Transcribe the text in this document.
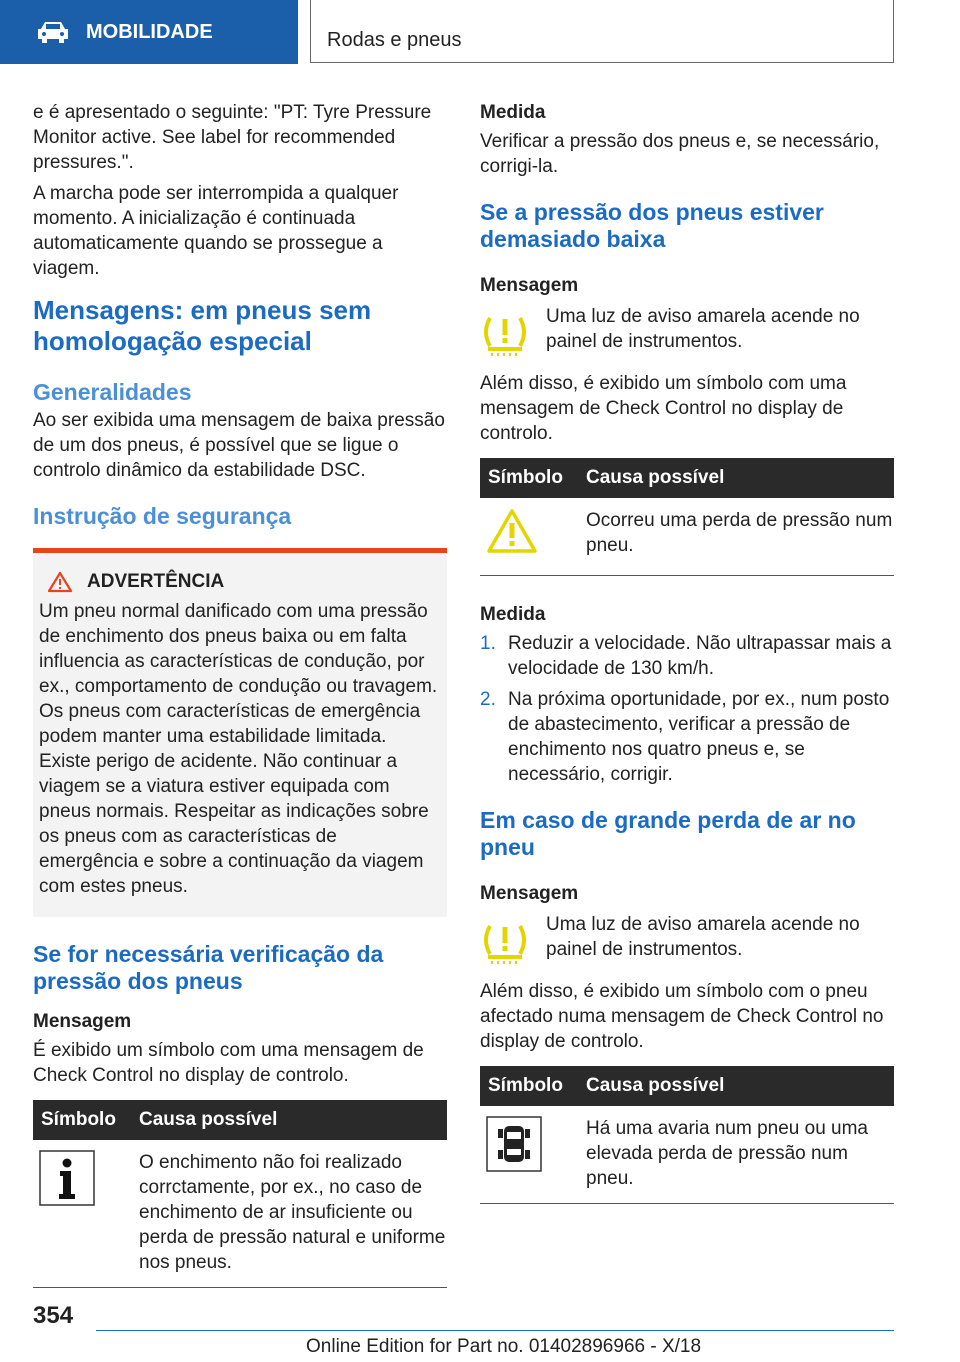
MOBILIDADE	Rodas e pneus

e é apresentado o seguinte: "PT: Tyre Pressure Monitor active. See label for recommended pressures.".

A marcha pode ser interrompida a qualquer momento. A inicialização é continuada automaticamente quando se prossegue a viagem.

Mensagens: em pneus sem homologação especial
Generalidades

Ao ser exibida uma mensagem de baixa pressão de um dos pneus, é possível que se ligue o controlo dinâmico da estabilidade DSC.

Instrução de segurança
ADVERTÊNCIA

Um pneu normal danificado com uma pressão de enchimento dos pneus baixa ou em falta influencia as características de condução, por ex., comportamento de condução ou travagem. Os pneus com características de emergência podem manter uma estabilidade limitada. Existe perigo de acidente. Não continuar a viagem se a viatura estiver equipada com pneus normais. Respeitar as indicações sobre os pneus com as características de emergência e sobre a continuação da viagem com estes pneus.

Se for necessária verificação da pressão dos pneus
Mensagem

É exibido um símbolo com uma mensagem de Check Control no display de controlo.

Símbolo	Causa possível
	O enchimento não foi realizado corrctamente, por ex., no caso de enchimento de ar insuficiente ou perda de pressão natural e uniforme nos pneus.
Medida

Verificar a pressão dos pneus e, se necessário, corrigi-la.

Se a pressão dos pneus estiver demasiado baixa
Mensagem

Uma luz de aviso amarela acende no painel de instrumentos.

Além disso, é exibido um símbolo com uma mensagem de Check Control no display de controlo.

Símbolo	Causa possível
	Ocorreu uma perda de pressão num pneu.
Medida
1. Reduzir a velocidade. Não ultrapassar mais a velocidade de 130 km/h.
2. Na próxima oportunidade, por ex., num posto de abastecimento, verificar a pressão de enchimento nos quatro pneus e, se necessário, corrigir.
Em caso de grande perda de ar no pneu
Mensagem

Uma luz de aviso amarela acende no painel de instrumentos.

Além disso, é exibido um símbolo com o pneu afectado numa mensagem de Check Control no display de controlo.

Símbolo	Causa possível
	Há uma avaria num pneu ou uma elevada perda de pressão num pneu.
354
Online Edition for Part no. 01402896966 - X/18
